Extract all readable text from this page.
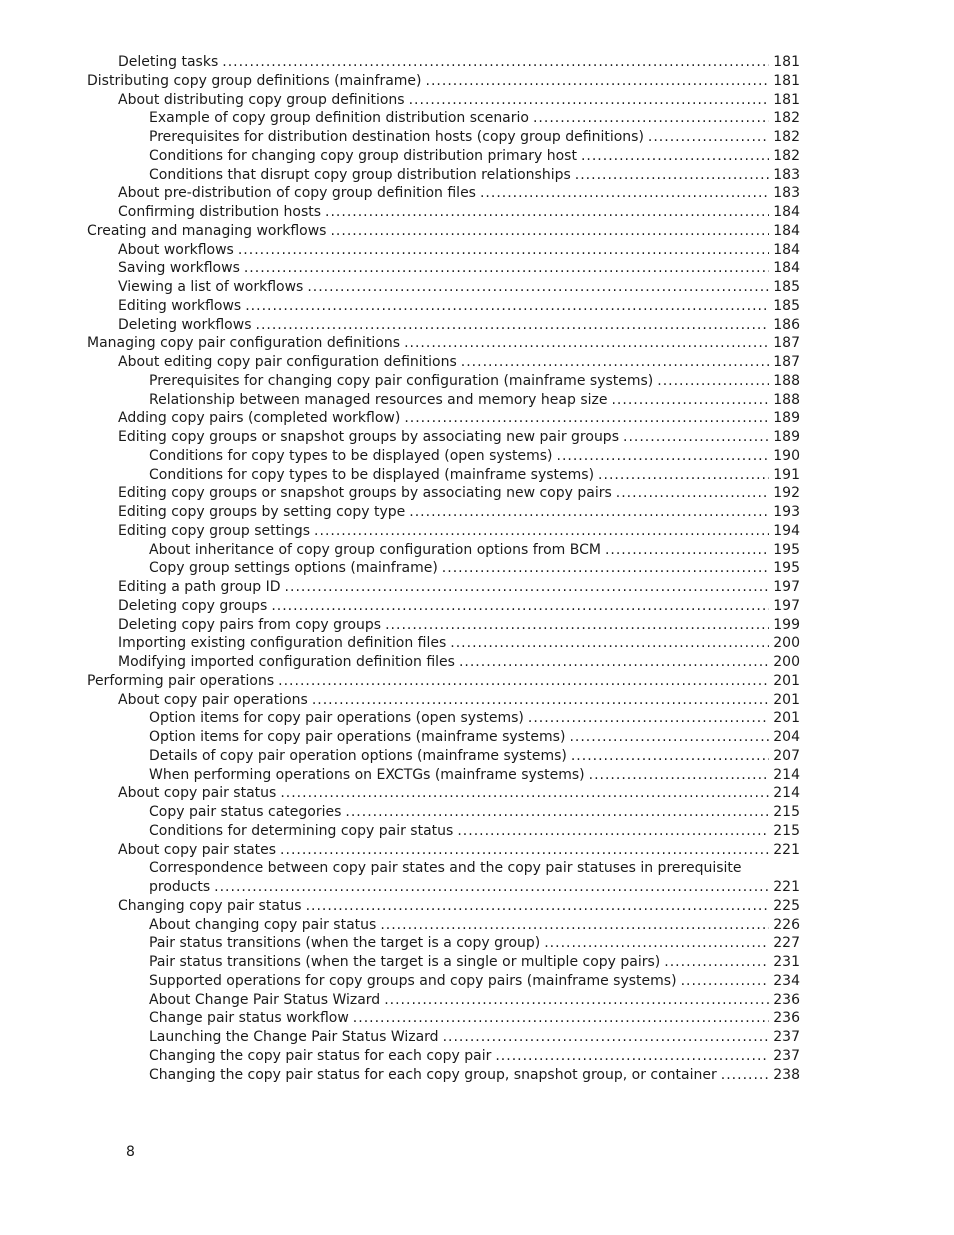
Deleting tasks .....	181
Distributing copy group definitions (mainframe) .....	181
About distributing copy group definitions .....	181
Example of copy group definition distribution scenario .....	182
Prerequisites for distribution destination hosts (copy group definitions) .....	182
Conditions for changing copy group distribution primary host .....	182
Conditions that disrupt copy group distribution relationships .....	183
About pre-distribution of copy group definition files .....	183
Confirming distribution hosts .....	184
Creating and managing workflows .....	184
About workflows .....	184
Saving workflows .....	184
Viewing a list of workflows .....	185
Editing workflows .....	185
Deleting workflows .....	186
Managing copy pair configuration definitions .....	187
About editing copy pair configuration definitions .....	187
Prerequisites for changing copy pair configuration (mainframe systems) .....	188
Relationship between managed resources and memory heap size .....	188
Adding copy pairs (completed workflow) .....	189
Editing copy groups or snapshot groups by associating new pair groups .....	189
Conditions for copy types to be displayed (open systems) .....	190
Conditions for copy types to be displayed (mainframe systems) .....	191
Editing copy groups or snapshot groups by associating new copy pairs .....	192
Editing copy groups by setting copy type .....	193
Editing copy group settings .....	194
About inheritance of copy group configuration options from BCM .....	195
Copy group settings options (mainframe) .....	195
Editing a path group ID .....	197
Deleting copy groups .....	197
Deleting copy pairs from copy groups .....	199
Importing existing configuration definition files .....	200
Modifying imported configuration definition files .....	200
Performing pair operations .....	201
About copy pair operations .....	201
Option items for copy pair operations (open systems) .....	201
Option items for copy pair operations (mainframe systems) .....	204
Details of copy pair operation options (mainframe systems) .....	207
When performing operations on EXCTGs (mainframe systems) .....	214
About copy pair status .....	214
Copy pair status categories .....	215
Conditions for determining copy pair status .....	215
About copy pair states .....	221
Correspondence between copy pair states and the copy pair statuses in prerequisite
products .....	221
Changing copy pair status .....	225
About changing copy pair status .....	226
Pair status transitions (when the target is a copy group) .....	227
Pair status transitions (when the target is a single or multiple copy pairs) .....	231
Supported operations for copy groups and copy pairs (mainframe systems) .....	234
About Change Pair Status Wizard .....	236
Change pair status workflow .....	236
Launching the Change Pair Status Wizard .....	237
Changing the copy pair status for each copy pair .....	237
Changing the copy pair status for each copy group, snapshot group, or container .....	238
8
